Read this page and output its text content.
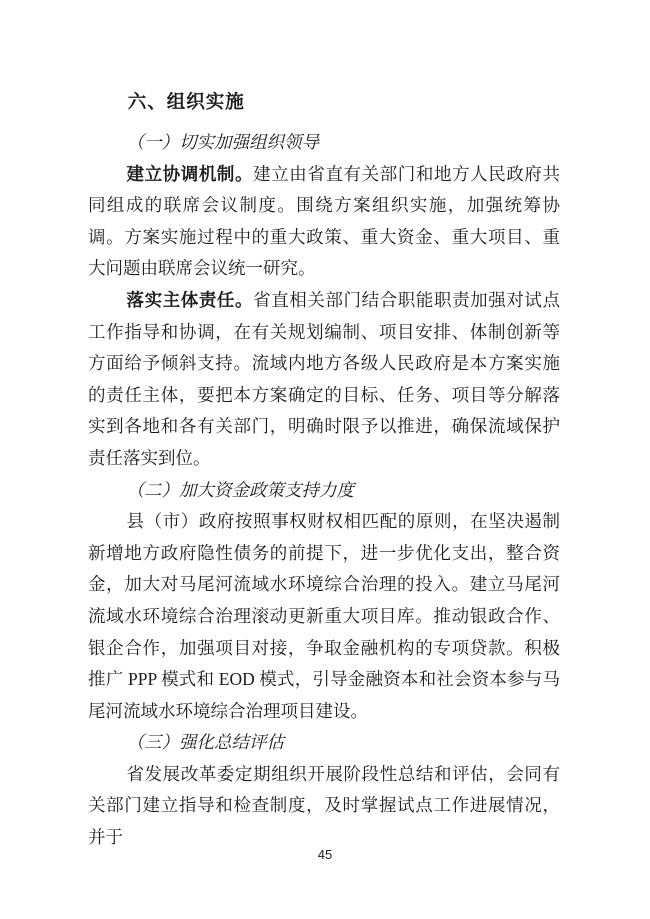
六、组织实施
（一）切实加强组织领导

建立协调机制。建立由省直有关部门和地方人民政府共同组成的联席会议制度。围绕方案组织实施，加强统筹协调。方案实施过程中的重大政策、重大资金、重大项目、重大问题由联席会议统一研究。

落实主体责任。省直相关部门结合职能职责加强对试点工作指导和协调，在有关规划编制、项目安排、体制创新等方面给予倾斜支持。流域内地方各级人民政府是本方案实施的责任主体，要把本方案确定的目标、任务、项目等分解落实到各地和各有关部门，明确时限予以推进，确保流域保护责任落实到位。

（二）加大资金政策支持力度

县（市）政府按照事权财权相匹配的原则，在坚决遏制新增地方政府隐性债务的前提下，进一步优化支出，整合资金，加大对马尾河流域水环境综合治理的投入。建立马尾河流域水环境综合治理滚动更新重大项目库。推动银政合作、银企合作，加强项目对接，争取金融机构的专项贷款。积极推广 PPP 模式和 EOD 模式，引导金融资本和社会资本参与马尾河流域水环境综合治理项目建设。

（三）强化总结评估

省发展改革委定期组织开展阶段性总结和评估，会同有关部门建立指导和检查制度，及时掌握试点工作进展情况，并于

45
